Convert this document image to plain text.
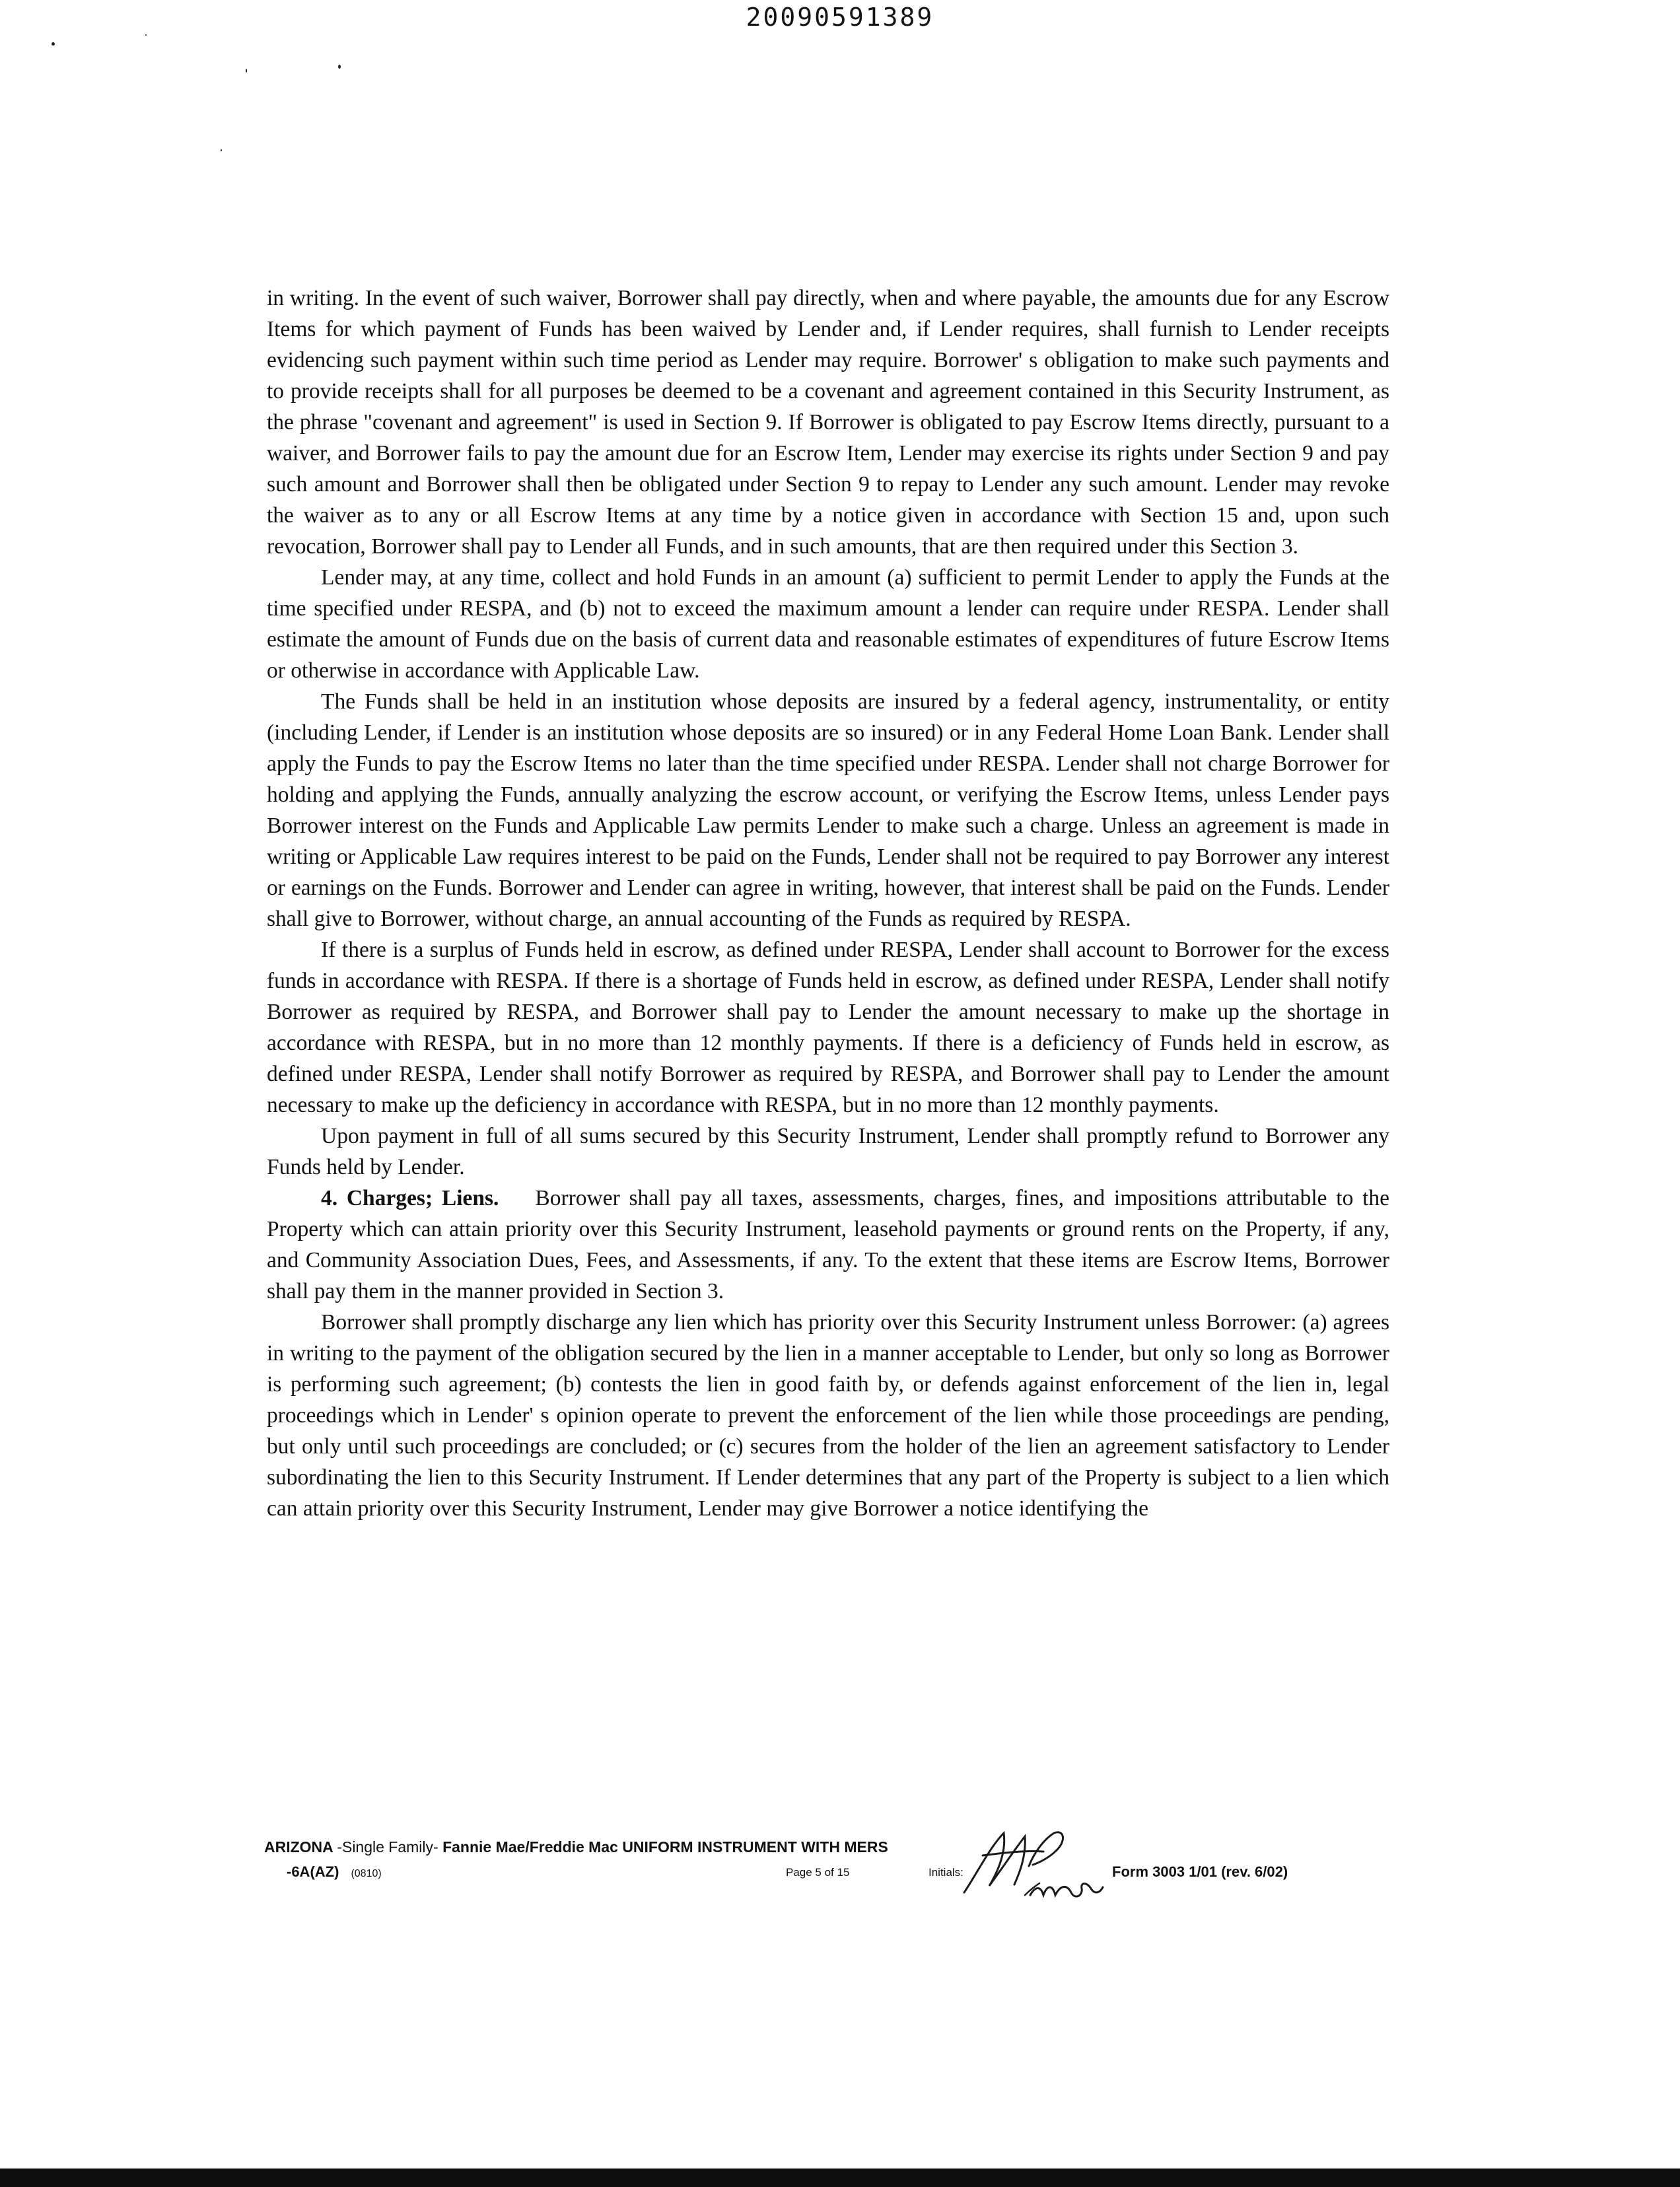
20090591389

in writing. In the event of such waiver, Borrower shall pay directly, when and where payable, the amounts due for any Escrow Items for which payment of Funds has been waived by Lender and, if Lender requires, shall furnish to Lender receipts evidencing such payment within such time period as Lender may require. Borrower' s obligation to make such payments and to provide receipts shall for all purposes be deemed to be a covenant and agreement contained in this Security Instrument, as the phrase "covenant and agreement" is used in Section 9. If Borrower is obligated to pay Escrow Items directly, pursuant to a waiver, and Borrower fails to pay the amount due for an Escrow Item, Lender may exercise its rights under Section 9 and pay such amount and Borrower shall then be obligated under Section 9 to repay to Lender any such amount. Lender may revoke the waiver as to any or all Escrow Items at any time by a notice given in accordance with Section 15 and, upon such revocation, Borrower shall pay to Lender all Funds, and in such amounts, that are then required under this Section 3.

Lender may, at any time, collect and hold Funds in an amount (a) sufficient to permit Lender to apply the Funds at the time specified under RESPA, and (b) not to exceed the maximum amount a lender can require under RESPA. Lender shall estimate the amount of Funds due on the basis of current data and reasonable estimates of expenditures of future Escrow Items or otherwise in accordance with Applicable Law.

The Funds shall be held in an institution whose deposits are insured by a federal agency, instrumentality, or entity (including Lender, if Lender is an institution whose deposits are so insured) or in any Federal Home Loan Bank. Lender shall apply the Funds to pay the Escrow Items no later than the time specified under RESPA. Lender shall not charge Borrower for holding and applying the Funds, annually analyzing the escrow account, or verifying the Escrow Items, unless Lender pays Borrower interest on the Funds and Applicable Law permits Lender to make such a charge. Unless an agreement is made in writing or Applicable Law requires interest to be paid on the Funds, Lender shall not be required to pay Borrower any interest or earnings on the Funds. Borrower and Lender can agree in writing, however, that interest shall be paid on the Funds. Lender shall give to Borrower, without charge, an annual accounting of the Funds as required by RESPA.

If there is a surplus of Funds held in escrow, as defined under RESPA, Lender shall account to Borrower for the excess funds in accordance with RESPA. If there is a shortage of Funds held in escrow, as defined under RESPA, Lender shall notify Borrower as required by RESPA, and Borrower shall pay to Lender the amount necessary to make up the shortage in accordance with RESPA, but in no more than 12 monthly payments. If there is a deficiency of Funds held in escrow, as defined under RESPA, Lender shall notify Borrower as required by RESPA, and Borrower shall pay to Lender the amount necessary to make up the deficiency in accordance with RESPA, but in no more than 12 monthly payments.

Upon payment in full of all sums secured by this Security Instrument, Lender shall promptly refund to Borrower any Funds held by Lender.

4. Charges; Liens. Borrower shall pay all taxes, assessments, charges, fines, and impositions attributable to the Property which can attain priority over this Security Instrument, leasehold payments or ground rents on the Property, if any, and Community Association Dues, Fees, and Assessments, if any. To the extent that these items are Escrow Items, Borrower shall pay them in the manner provided in Section 3.

Borrower shall promptly discharge any lien which has priority over this Security Instrument unless Borrower: (a) agrees in writing to the payment of the obligation secured by the lien in a manner acceptable to Lender, but only so long as Borrower is performing such agreement; (b) contests the lien in good faith by, or defends against enforcement of the lien in, legal proceedings which in Lender' s opinion operate to prevent the enforcement of the lien while those proceedings are pending, but only until such proceedings are concluded; or (c) secures from the holder of the lien an agreement satisfactory to Lender subordinating the lien to this Security Instrument. If Lender determines that any part of the Property is subject to a lien which can attain priority over this Security Instrument, Lender may give Borrower a notice identifying the

ARIZONA -Single Family- Fannie Mae/Freddie Mac UNIFORM INSTRUMENT WITH MERS
-6A(AZ) (0810)	Page 5 of 15	Initials:	Form 3003 1/01 (rev. 6/02)
